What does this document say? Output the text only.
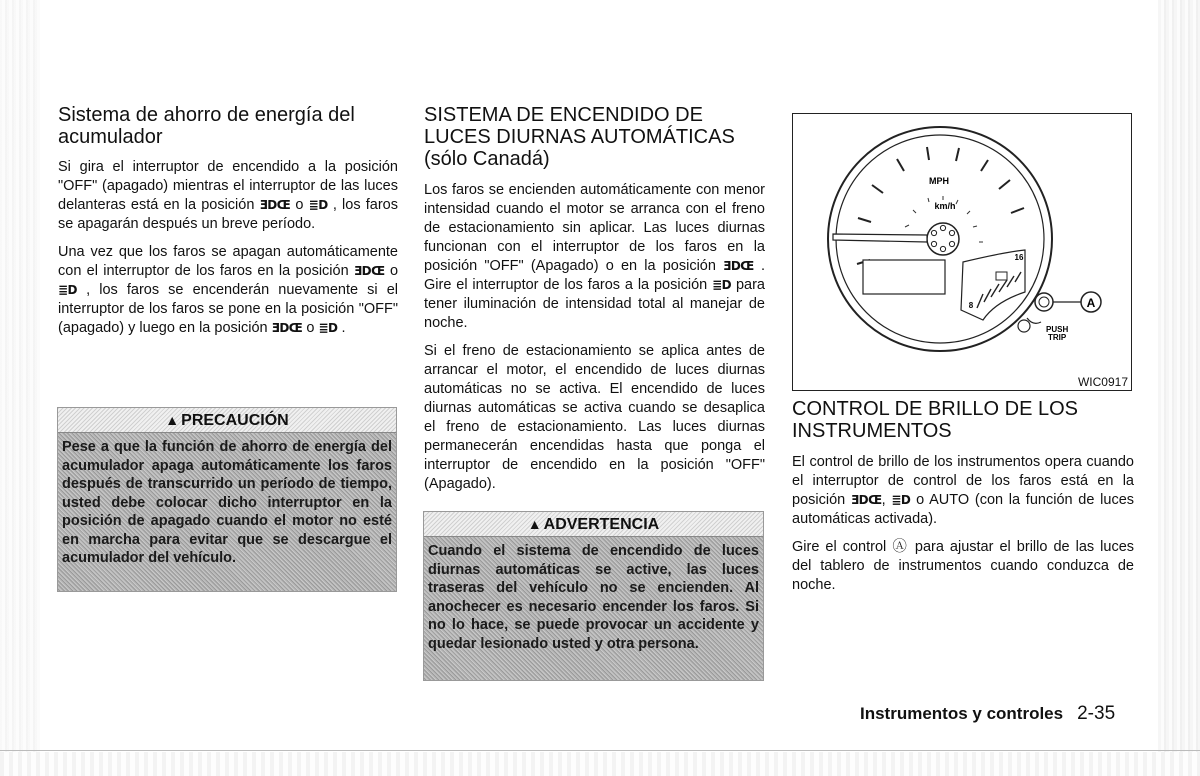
Sistema de ahorro de energía del acumulador

Si gira el interruptor de encendido a la posición "OFF" (apagado) mientras el interruptor de las luces delanteras está en la posición ƎDŒ o ≣D , los faros se apagarán después un breve período.

Una vez que los faros se apagan automáticamente con el interruptor de los faros en la posición ƎDŒ o ≣D , los faros se encenderán nuevamente si el interruptor de los faros se pone en la posición "OFF" (apagado) y luego en la posición ƎDŒ o ≣D .

▲ PRECAUCIÓN
Pese a que la función de ahorro de energía del acumulador apaga automáticamente los faros después de transcurrido un período de tiempo, usted debe colocar dicho interruptor en la posición de apagado cuando el motor no esté en marcha para evitar que se descargue el acumulador del vehículo.
SISTEMA DE ENCENDIDO DE LUCES DIURNAS AUTOMÁTICAS (sólo Canadá)

Los faros se encienden automáticamente con menor intensidad cuando el motor se arranca con el freno de estacionamiento sin aplicar. Las luces diurnas funcionan con el interruptor de los faros en la posición "OFF" (Apagado) o en la posición ƎDŒ . Gire el interruptor de los faros a la posición ≣D para tener iluminación de intensidad total al manejar de noche.

Si el freno de estacionamiento se aplica antes de arrancar el motor, el encendido de luces diurnas automáticas no se activa. El encendido de luces diurnas automáticas se activa cuando se desaplica el freno de estacionamiento. Las luces diurnas permanecerán encendidas hasta que ponga el interruptor de encendido en la posición "OFF" (Apagado).

▲ ADVERTENCIA
Cuando el sistema de encendido de luces diurnas automáticas se active, las luces traseras del vehículo no se encienden. Al anochecer es necesario encender los faros. Si no lo hace, se puede provocar un accidente y quedar lesionado usted y otra persona.
MPH
km/h
16
8	A
PUSH
TRIP
WIC0917
CONTROL DE BRILLO DE LOS INSTRUMENTOS

El control de brillo de los instrumentos opera cuando el interruptor de control de los faros está en la posición ƎDŒ, ≣D o AUTO (con la función de luces automáticas activada).

Gire el control Ⓐ para ajustar el brillo de las luces del tablero de instrumentos cuando conduzca de noche.

Instrumentos y controles 2-35
